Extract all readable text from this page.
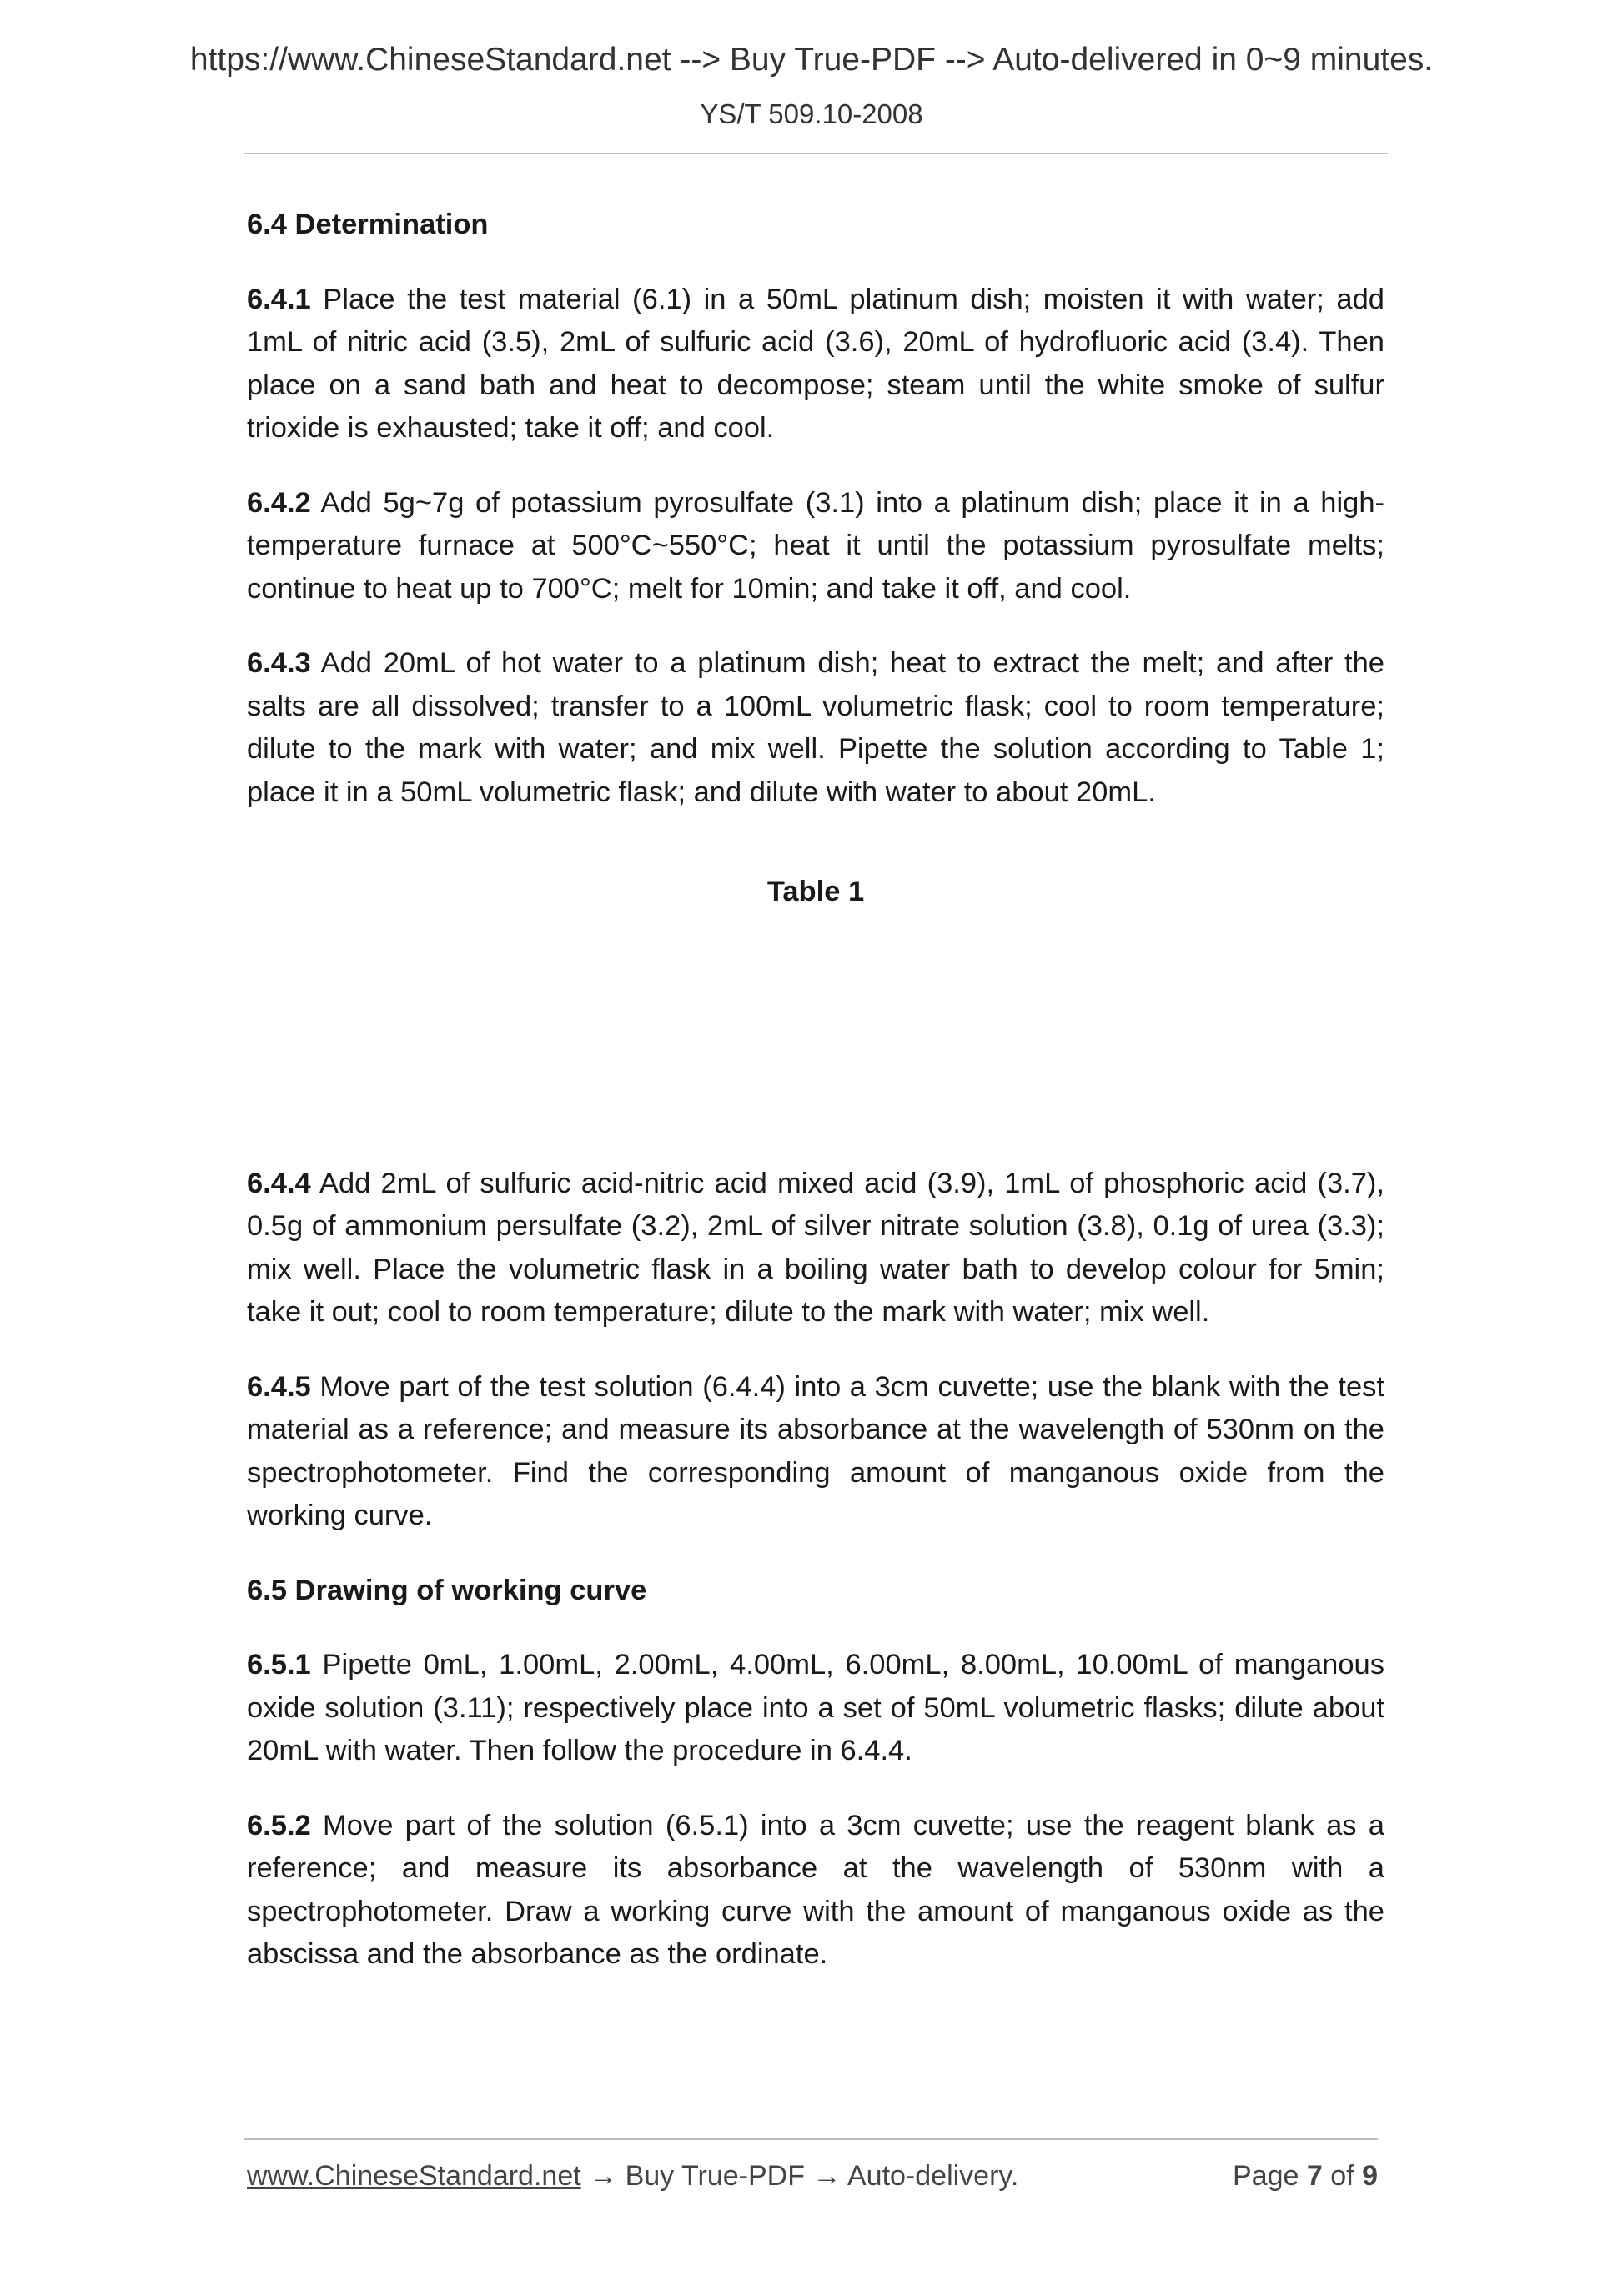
https://www.ChineseStandard.net --> Buy True-PDF --> Auto-delivered in 0~9 minutes.
YS/T 509.10-2008
6.4 Determination

6.4.1 Place the test material (6.1) in a 50mL platinum dish; moisten it with water; add 1mL of nitric acid (3.5), 2mL of sulfuric acid (3.6), 20mL of hydrofluoric acid (3.4). Then place on a sand bath and heat to decompose; steam until the white smoke of sulfur trioxide is exhausted; take it off; and cool.

6.4.2 Add 5g~7g of potassium pyrosulfate (3.1) into a platinum dish; place it in a high-temperature furnace at 500°C~550°C; heat it until the potassium pyrosulfate melts; continue to heat up to 700°C; melt for 10min; and take it off, and cool.

6.4.3 Add 20mL of hot water to a platinum dish; heat to extract the melt; and after the salts are all dissolved; transfer to a 100mL volumetric flask; cool to room temperature; dilute to the mark with water; and mix well. Pipette the solution according to Table 1; place it in a 50mL volumetric flask; and dilute with water to about 20mL.

Table 1

6.4.4 Add 2mL of sulfuric acid-nitric acid mixed acid (3.9), 1mL of phosphoric acid (3.7), 0.5g of ammonium persulfate (3.2), 2mL of silver nitrate solution (3.8), 0.1g of urea (3.3); mix well. Place the volumetric flask in a boiling water bath to develop colour for 5min; take it out; cool to room temperature; dilute to the mark with water; mix well.

6.4.5 Move part of the test solution (6.4.4) into a 3cm cuvette; use the blank with the test material as a reference; and measure its absorbance at the wavelength of 530nm on the spectrophotometer. Find the corresponding amount of manganous oxide from the working curve.

6.5 Drawing of working curve

6.5.1 Pipette 0mL, 1.00mL, 2.00mL, 4.00mL, 6.00mL, 8.00mL, 10.00mL of manganous oxide solution (3.11); respectively place into a set of 50mL volumetric flasks; dilute about 20mL with water. Then follow the procedure in 6.4.4.

6.5.2 Move part of the solution (6.5.1) into a 3cm cuvette; use the reagent blank as a reference; and measure its absorbance at the wavelength of 530nm with a spectrophotometer. Draw a working curve with the amount of manganous oxide as the abscissa and the absorbance as the ordinate.

www.ChineseStandard.net → Buy True-PDF → Auto-delivery.	Page 7 of 9
